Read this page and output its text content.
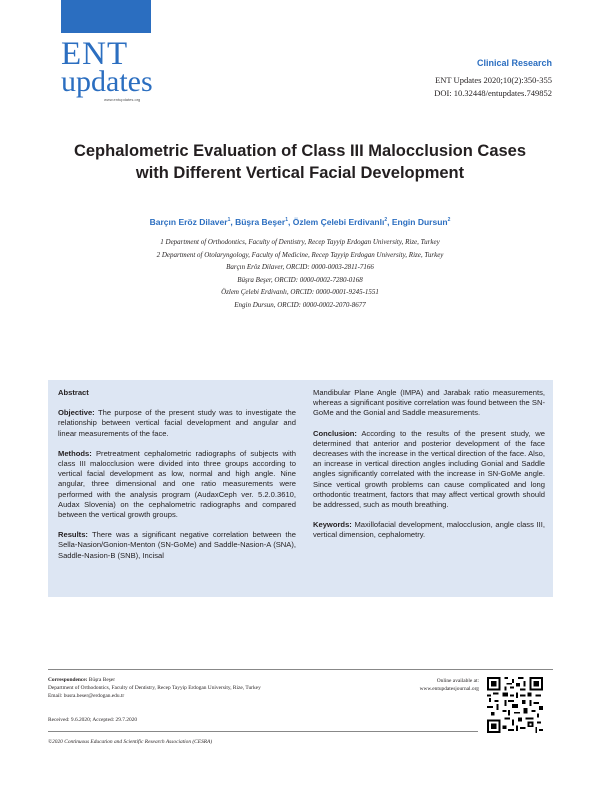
ENT
updates
www.entupdates.org
Clinical Research
ENT Updates 2020;10(2):350-355
DOI: 10.32448/entupdates.749852
Cephalometric Evaluation of Class III Malocclusion Cases
with Different Vertical Facial Development
Barçın Eröz Dilaver$^1$, Büşra Beşer$^1$, Özlem Çelebi Erdivanlı$^2$, Engin Dursun$^2$
1 Department of Orthodontics, Faculty of Dentistry, Recep Tayyip Erdogan University, Rize, Turkey
2 Department of Otolaryngology, Faculty of Medicine, Recep Tayyip Erdogan University, Rize, Turkey
Barçın Eröz Dilaver, ORCID: 0000-0003-2811-7166
Büşra Beşer, ORCID: 0000-0002-7280-0168
Özlem Çelebi Erdivanlı, ORCID: 0000-0001-9245-1551
Engin Dursun, ORCID: 0000-0002-2070-8677
Abstract

Objective: The purpose of the present study was to investigate the relationship between vertical facial development and angular and linear measurements of the face.

Methods: Pretreatment cephalometric radiographs of subjects with class III malocclusion were divided into three groups according to vertical facial development as low, normal and high angle. Nine angular, three dimensional and one ratio measurements were performed with the analysis program (AudaxCeph ver. 5.2.0.3610, Audax Slovenia) on the cephalometric radiographs and compared between the vertical growth groups.

Results: There was a significant negative correlation between the Sella-Nasion/Gonion-Menton (SN-GoMe) and Saddle-Nasion-A (SNA), Saddle-Nasion-B (SNB), Incisal

Mandibular Plane Angle (IMPA) and Jarabak ratio measurements, whereas a significant positive correlation was found between the SN-GoMe and the Gonial and Saddle measurements.

Conclusion: According to the results of the present study, we determined that anterior and posterior development of the face decreases with the increase in the vertical direction of the face. Also, an increase in vertical direction angles including Gonial and Saddle angles significantly correlated with the increase in SN-GoMe angle. Since vertical growth problems can cause complicated and long orthodontic treatment, factors that may affect vertical growth should be addressed, such as mouth breathing.

Keywords: Maxillofacial development, malocclusion, angle class III, vertical dimension, cephalometry.

Correspondence: Büşra Beşer
Department of Orthodontics, Faculty of Dentistry, Recep Tayyip Erdogan University, Rize, Turkey
Email: busra.beser@erdogan.edu.tr
Online available at:
www.entupdatesjournal.org
Received: 9.6.2020; Accepted: 29.7.2020
©2020 Continuous Education and Scientific Research Association (CESRA)
